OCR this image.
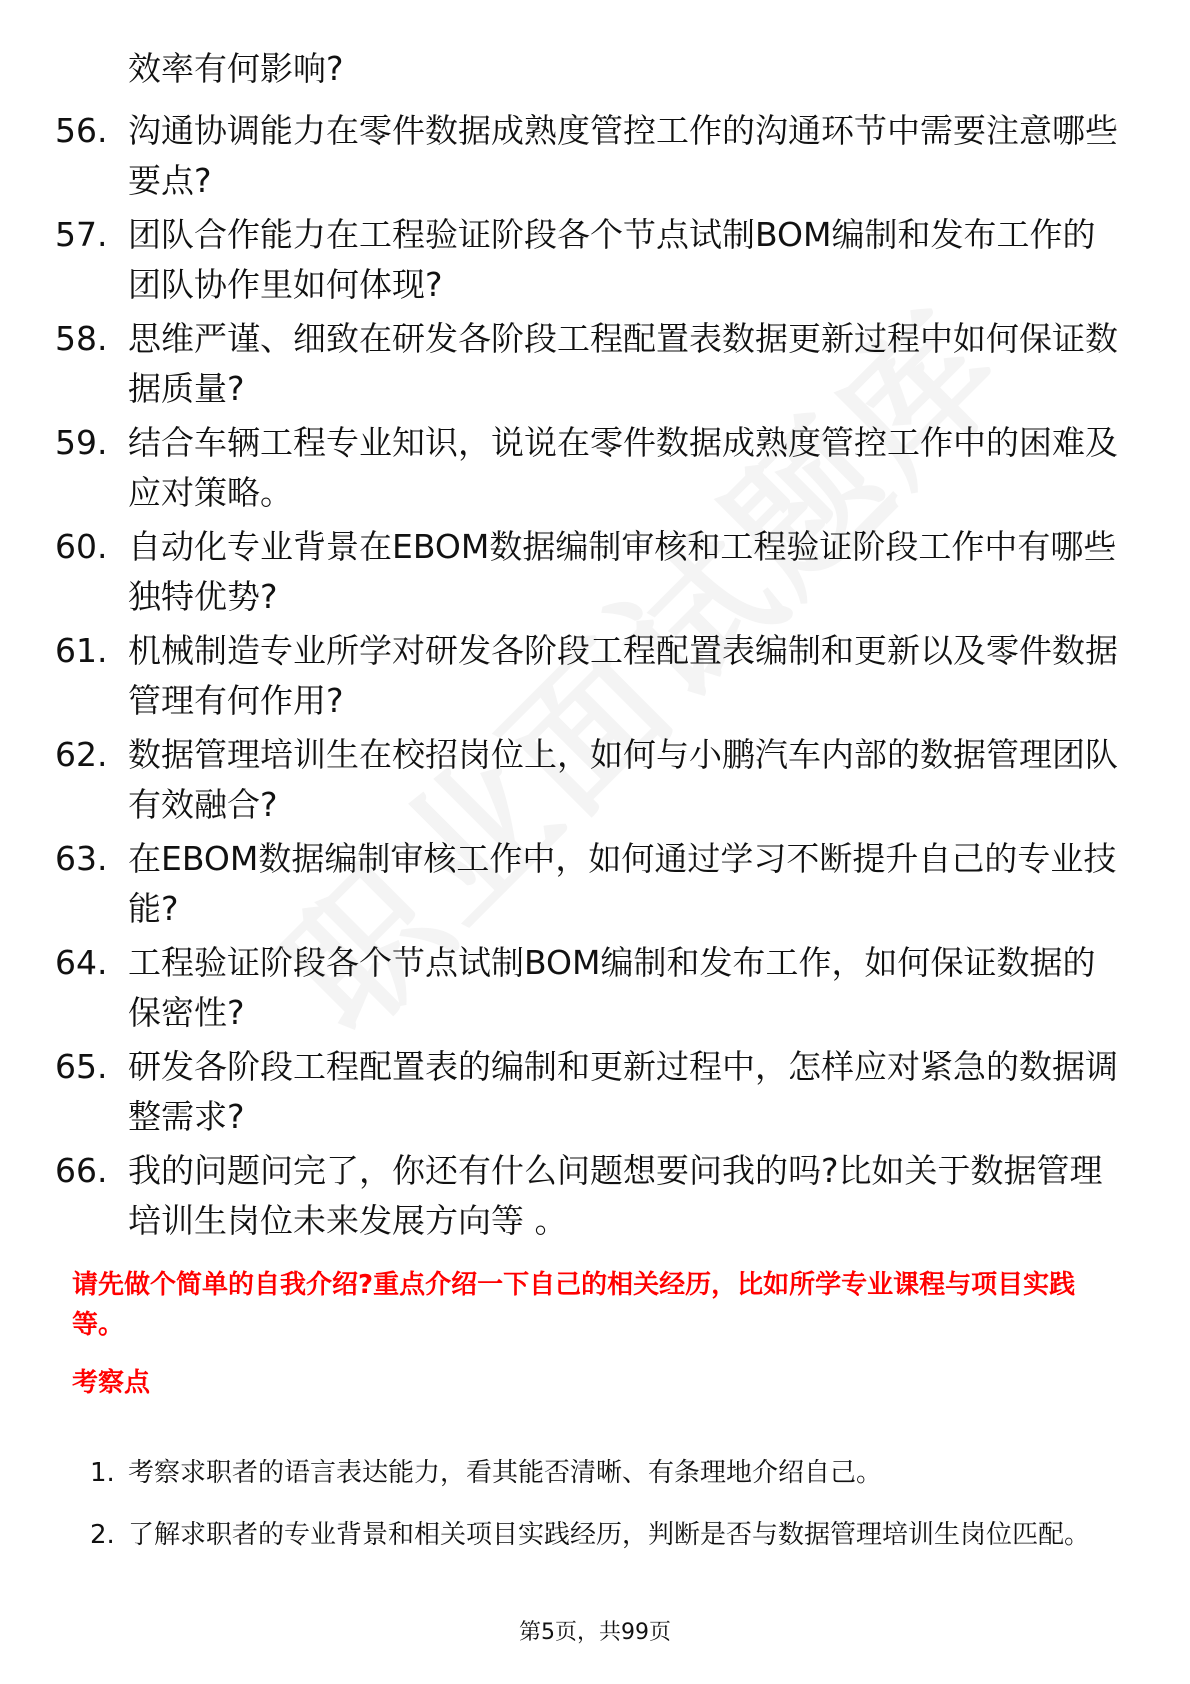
效率有何影响?
56. 沟通协调能力在零件数据成熟度管控工作的沟通环节中需要注意哪些要点?
57. 团队合作能力在工程验证阶段各个节点试制BOM编制和发布工作的团队协作里如何体现?
58. 思维严谨、细致在研发各阶段工程配置表数据更新过程中如何保证数据质量?
59. 结合车辆工程专业知识，说说在零件数据成熟度管控工作中的困难及应对策略。
60. 自动化专业背景在EBOM数据编制审核和工程验证阶段工作中有哪些独特优势?
61. 机械制造专业所学对研发各阶段工程配置表编制和更新以及零件数据管理有何作用?
62. 数据管理培训生在校招岗位上，如何与小鹏汽车内部的数据管理团队有效融合?
63. 在EBOM数据编制审核工作中，如何通过学习不断提升自己的专业技能?
64. 工程验证阶段各个节点试制BOM编制和发布工作，如何保证数据的保密性?
65. 研发各阶段工程配置表的编制和更新过程中，怎样应对紧急的数据调整需求?
66. 我的问题问完了，你还有什么问题想要问我的吗?比如关于数据管理培训生岗位未来发展方向等 。
请先做个简单的自我介绍?重点介绍一下自己的相关经历，比如所学专业课程与项目实践等。
考察点
1. 考察求职者的语言表达能力，看其能否清晰、有条理地介绍自己。
2. 了解求职者的专业背景和相关项目实践经历，判断是否与数据管理培训生岗位匹配。
第5页，共99页
